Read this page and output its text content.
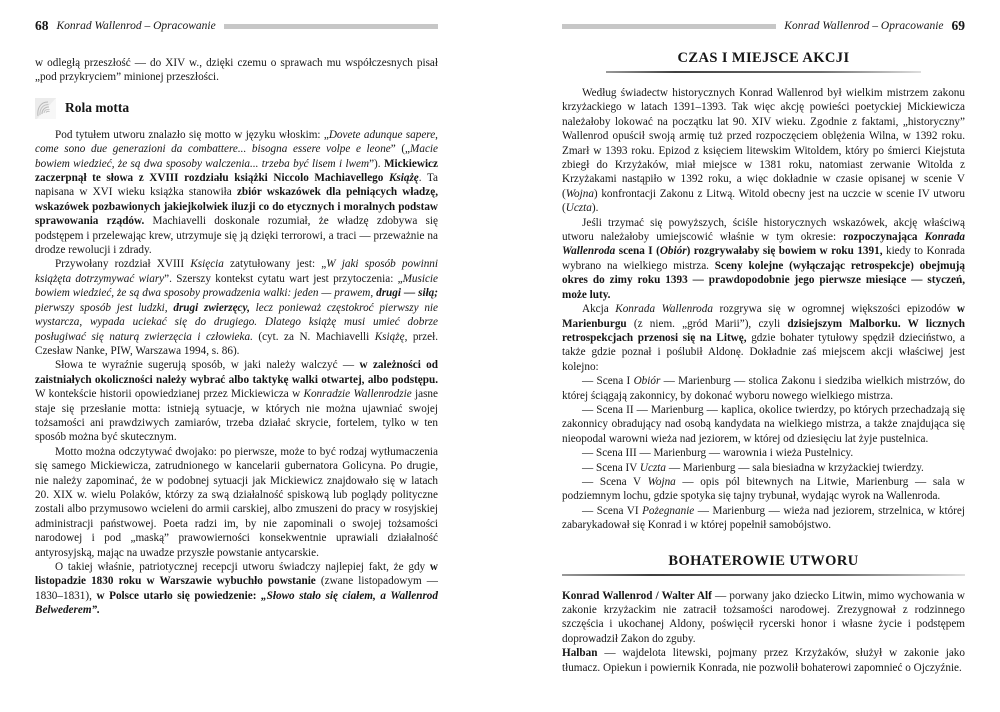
68 Konrad Wallenrod – Opracowanie

w odległą przeszłość — do XIV w., dzięki czemu o sprawach mu współczesnych pisał „pod przykryciem” minionej przeszłości.

Rola motta

Pod tytułem utworu znalazło się motto w języku włoskim: „Dovete adunque sapere, come sono due generazioni da combattere... bisogna essere volpe e leone” („Macie bowiem wiedzieć, że są dwa sposoby walczenia... trzeba być lisem i lwem”). Mickiewicz zaczerpnął te słowa z XVIII rozdziału książki Niccolo Machiavellego Książę. Ta napisana w XVI wieku książka stanowiła zbiór wskazówek dla pełniących władzę, wskazówek pozbawionych jakiejkolwiek iluzji co do etycznych i moralnych podstaw sprawowania rządów. Machiavelli doskonale rozumiał, że władzę zdobywa się podstępem i przelewając krew, utrzymuje się ją dzięki terrorowi, a traci — przeważnie na drodze rewolucji i zdrady.

Przywołany rozdział XVIII Księcia zatytułowany jest: „W jaki sposób powinni książęta dotrzymywać wiary”. Szerszy kontekst cytatu wart jest przytoczenia: „Musicie bowiem wiedzieć, że są dwa sposoby prowadzenia walki: jeden — prawem, drugi — siłą; pierwszy sposób jest ludzki, drugi zwierzęcy, lecz ponieważ częstokroć pierwszy nie wystarcza, wypada uciekać się do drugiego. Dlatego książę musi umieć dobrze posługiwać się naturą zwierzęcia i człowieka. (cyt. za N. Machiavelli Książę, przeł. Czesław Nanke, PIW, Warszawa 1994, s. 86).

Słowa te wyraźnie sugerują sposób, w jaki należy walczyć — w zależności od zaistniałych okoliczności należy wybrać albo taktykę walki otwartej, albo podstępu. W kontekście historii opowiedzianej przez Mickiewicza w Konradzie Wallenrodzie jasne staje się przesłanie motta: istnieją sytuacje, w których nie można ujawniać swojej tożsamości ani prawdziwych zamiarów, trzeba działać skrycie, fortelem, tylko w ten sposób można być skutecznym.

Motto można odczytywać dwojako: po pierwsze, może to być rodzaj wytłumaczenia się samego Mickiewicza, zatrudnionego w kancelarii gubernatora Golicyna. Po drugie, nie należy zapominać, że w podobnej sytuacji jak Mickiewicz znajdowało się w latach 20. XIX w. wielu Polaków, którzy za swą działalność spiskową lub poglądy polityczne zostali albo przymusowo wcieleni do armii carskiej, albo zmuszeni do pracy w rosyjskiej administracji państwowej. Poeta radzi im, by nie zapominali o swojej tożsamości narodowej i pod „maską” prawowierności konsekwentnie uprawiali działalność antyrosyjską, mając na uwadze przyszłe powstanie antycarskie.

O takiej właśnie, patriotycznej recepcji utworu świadczy najlepiej fakt, że gdy w listopadzie 1830 roku w Warszawie wybuchło powstanie (zwane listopadowym — 1830–1831), w Polsce utarło się powiedzenie: „Słowo stało się ciałem, a Wallenrod Belwederem”.

Konrad Wallenrod – Opracowanie 69
CZAS I MIEJSCE AKCJI

Według świadectw historycznych Konrad Wallenrod był wielkim mistrzem zakonu krzyżackiego w latach 1391–1393. Tak więc akcję powieści poetyckiej Mickiewicza należałoby lokować na początku lat 90. XIV wieku. Zgodnie z faktami, „historyczny” Wallenrod opuścił swoją armię tuż przed rozpoczęciem oblężenia Wilna, w 1392 roku. Zmarł w 1393 roku. Epizod z księciem litewskim Witoldem, który po śmierci Kiejstuta zbiegł do Krzyżaków, miał miejsce w 1381 roku, natomiast zerwanie Witolda z Krzyżakami nastąpiło w 1392 roku, a więc dokładnie w czasie opisanej w scenie V (Wojna) konfrontacji Zakonu z Litwą. Witold obecny jest na uczcie w scenie IV utworu (Uczta).

Jeśli trzymać się powyższych, ściśle historycznych wskazówek, akcję właściwą utworu należałoby umiejscowić właśnie w tym okresie: rozpoczynająca Konrada Wallenroda scena I (Obiór) rozgrywałaby się bowiem w roku 1391, kiedy to Konrada wybrano na wielkiego mistrza. Sceny kolejne (wyłączając retrospekcje) obejmują okres do zimy roku 1393 — prawdopodobnie jego pierwsze miesiące — styczeń, może luty.

Akcja Konrada Wallenroda rozgrywa się w ogromnej większości epizodów w Marienburgu (z niem. „gród Marii”), czyli dzisiejszym Malborku. W licznych retrospekcjach przenosi się na Litwę, gdzie bohater tytułowy spędził dzieciństwo, a także gdzie poznał i poślubił Aldonę. Dokładnie zaś miejscem akcji właściwej jest kolejno:

— Scena I Obiór — Marienburg — stolica Zakonu i siedziba wielkich mistrzów, do której ściągają zakonnicy, by dokonać wyboru nowego wielkiego mistrza.

— Scena II — Marienburg — kaplica, okolice twierdzy, po których przechadzają się zakonnicy obradujący nad osobą kandydata na wielkiego mistrza, a także znajdująca się nieopodal warowni wieża nad jeziorem, w której od dziesięciu lat żyje pustelnica.

— Scena III — Marienburg — warownia i wieża Pustelnicy.

— Scena IV Uczta — Marienburg — sala biesiadna w krzyżackiej twierdzy.

— Scena V Wojna — opis pól bitewnych na Litwie, Marienburg — sala w podziemnym lochu, gdzie spotyka się tajny trybunał, wydając wyrok na Wallenroda.

— Scena VI Pożegnanie — Marienburg — wieża nad jeziorem, strzelnica, w której zabarykadował się Konrad i w której popełnił samobójstwo.

BOHATEROWIE UTWORU

Konrad Wallenrod / Walter Alf — porwany jako dziecko Litwin, mimo wychowania w zakonie krzyżackim nie zatracił tożsamości narodowej. Zrezygnował z rodzinnego szczęścia i ukochanej Aldony, poświęcił rycerski honor i własne życie i podstępem doprowadził Zakon do zguby.

Halban — wajdelota litewski, pojmany przez Krzyżaków, służył w zakonie jako tłumacz. Opiekun i powiernik Konrada, nie pozwolił bohaterowi zapomnieć o Ojczyźnie.
